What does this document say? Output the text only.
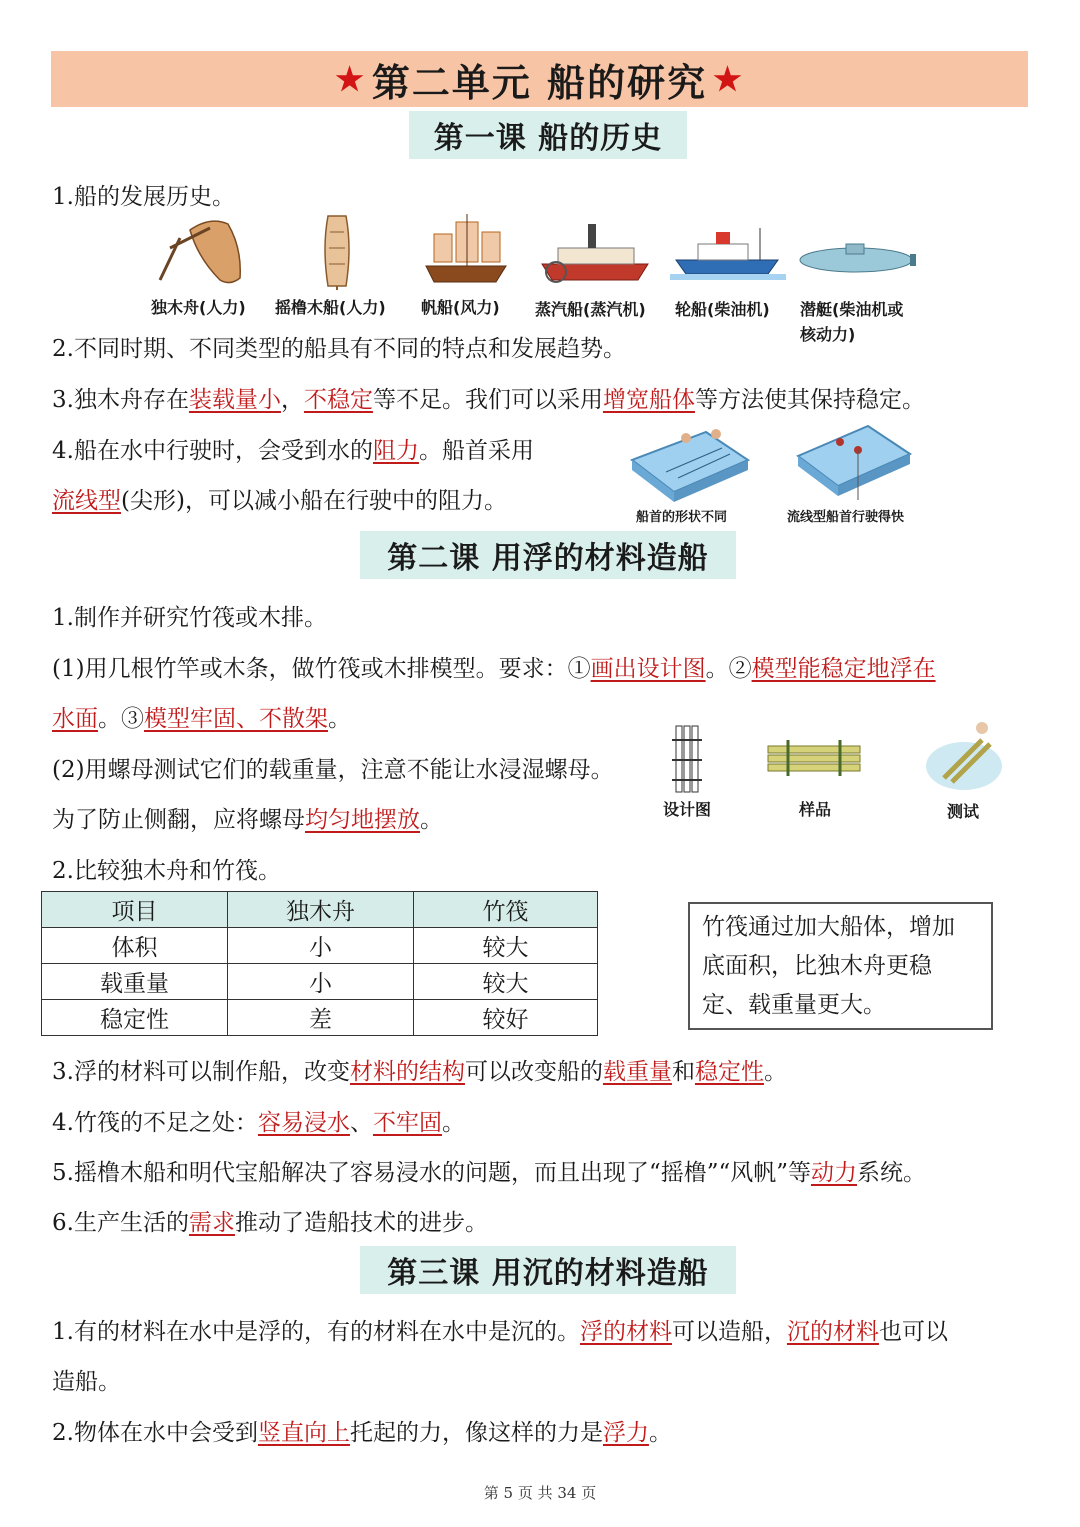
★ 第二单元 船的研究 ★
第一课 船的历史
1.船的发展历史。
独木舟(人力) 摇橹木船(人力) 帆船(风力) 蒸汽船(蒸汽机) 轮船(柴油机) 潜艇(柴油机或
核动力)
2.不同时期、不同类型的船具有不同的特点和发展趋势。
3.独木舟存在装载量小，不稳定等不足。我们可以采用增宽船体等方法使其保持稳定。
4.船在水中行驶时，会受到水的阻力。船首采用
流线型(尖形)，可以减小船在行驶中的阻力。
船首的形状不同	流线型船首行驶得快
第二课 用浮的材料造船
1.制作并研究竹筏或木排。
(1)用几根竹竿或木条，做竹筏或木排模型。要求：①画出设计图。②模型能稳定地浮在
水面。③模型牢固、不散架。
(2)用螺母测试它们的载重量，注意不能让水浸湿螺母。
为了防止侧翻，应将螺母均匀地摆放。	设计图	样品	测试
2.比较独木舟和竹筏。
项目	独木舟	竹筏
体积	小	较大
载重量	小	较大
稳定性	差	较好
竹筏通过加大船体，增加
底面积，比独木舟更稳
定、载重量更大。
3.浮的材料可以制作船，改变材料的结构可以改变船的载重量和稳定性。
4.竹筏的不足之处：容易浸水、不牢固。
5.摇橹木船和明代宝船解决了容易浸水的问题，而且出现了“摇橹”“风帆”等动力系统。
6.生产生活的需求推动了造船技术的进步。
第三课 用沉的材料造船
1.有的材料在水中是浮的，有的材料在水中是沉的。浮的材料可以造船，沉的材料也可以
造船。
2.物体在水中会受到竖直向上托起的力，像这样的力是浮力。
第 5 页 共 34 页
